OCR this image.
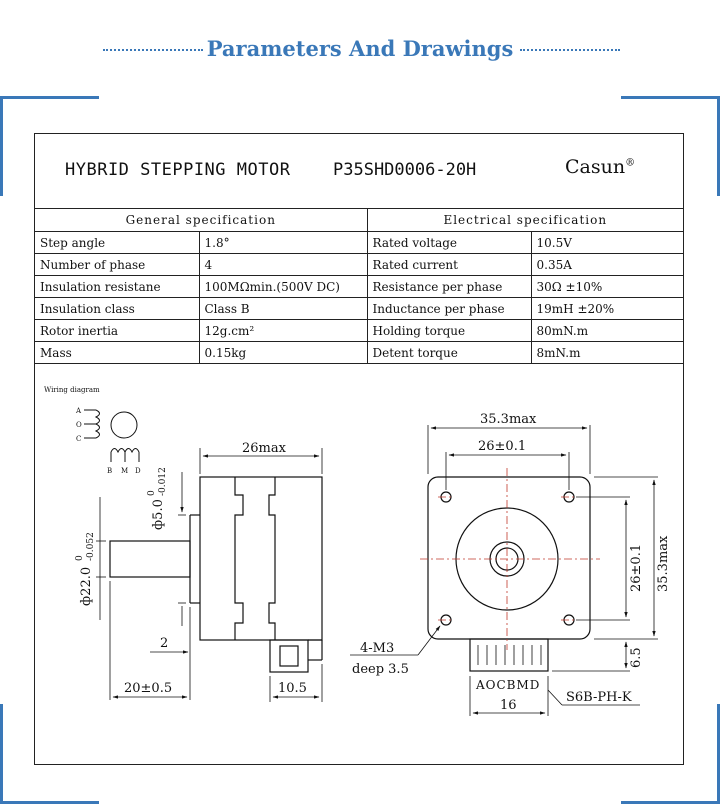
Parameters And Drawings
HYBRID STEPPING MOTOR	P35SHD0006-20H	Casun®
General specification		Electrical specification	
Step angle	1.8°	Rated voltage	10.5V
Number of phase	4	Rated current	0.35A
Insulation resistane	100MΩmin.(500V DC)	Resistance per phase	30Ω ±10%
Insulation class	Class B	Inductance per phase	19mH ±20%
Rotor inertia	12g.cm²	Holding torque	80mN.m
Mass	0.15kg	Detent torque	8mN.m
Wiring diagram
A
O
C
B M D
26max
ф22.0
0 -0.052
ф5.0
0 -0.012
2
20±0.5	10.5
35.3max
26±0.1
26±0.1 35.3max
4-M3
deep 3.5
6.5
AOCBMD
16
S6B-PH-K
